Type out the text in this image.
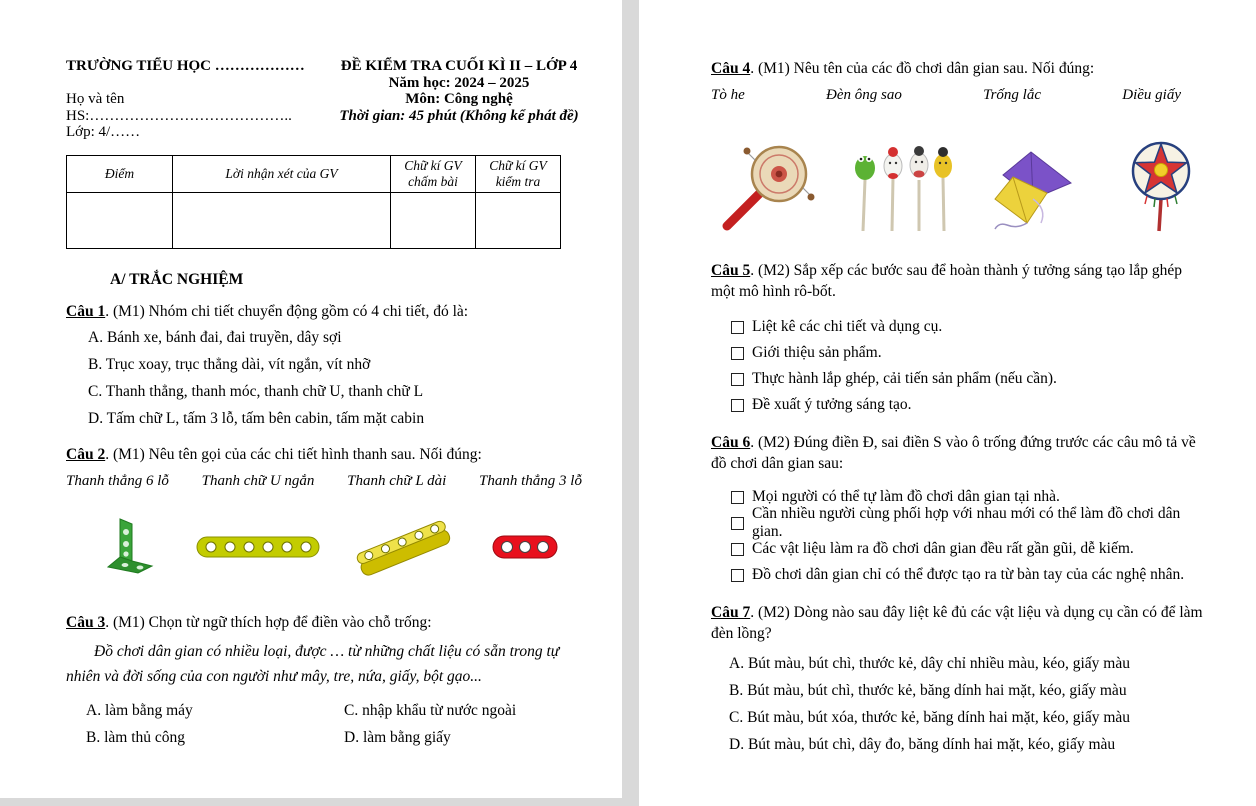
TRƯỜNG TIỂU HỌC ………………

Họ và tên HS:…………………………………..
Lớp: 4/……
ĐỀ KIỂM TRA CUỐI KÌ II – LỚP 4
Năm học: 2024 – 2025
Môn: Công nghệ
Thời gian: 45 phút (Không kể phát đề)
Điểm	Lời nhận xét của GV	Chữ kí GV chấm bài	Chữ kí GV kiểm tra

A/ TRẮC NGHIỆM
Câu 1. (M1) Nhóm chi tiết chuyển động gồm có 4 chi tiết, đó là:
A. Bánh xe, bánh đai, đai truyền, dây sợi
B. Trục xoay, trục thẳng dài, vít ngắn, vít nhỡ
C. Thanh thẳng, thanh móc, thanh chữ U, thanh chữ L
D. Tấm chữ L, tấm 3 lỗ, tấm bên cabin, tấm mặt cabin
Câu 2. (M1) Nêu tên gọi của các chi tiết hình thanh sau. Nối đúng:
Thanh thẳng 6 lỗ Thanh chữ U ngắn Thanh chữ L dài Thanh thẳng 3 lỗ
Câu 3. (M1) Chọn từ ngữ thích hợp để điền vào chỗ trống:
Đồ chơi dân gian có nhiều loại, được … từ những chất liệu có sẵn trong tự nhiên và đời sống của con người như mây, tre, nứa, giấy, bột gạo...
A. làm bằng máy	C. nhập khẩu từ nước ngoài
B. làm thủ công	D. làm bằng giấy
Câu 4. (M1) Nêu tên của các đồ chơi dân gian sau. Nối đúng:
Tò he	Đèn ông sao	Trống lắc	Diều giấy
Câu 5. (M2) Sắp xếp các bước sau để hoàn thành ý tưởng sáng tạo lắp ghép một mô hình rô-bốt.
Liệt kê các chi tiết và dụng cụ.
Giới thiệu sản phẩm.
Thực hành lắp ghép, cải tiến sản phẩm (nếu cần).
Đề xuất ý tưởng sáng tạo.
Câu 6. (M2) Đúng điền Đ, sai điền S vào ô trống đứng trước các câu mô tả về đồ chơi dân gian sau:
Mọi người có thể tự làm đồ chơi dân gian tại nhà.
Cần nhiều người cùng phối hợp với nhau mới có thể làm đồ chơi dân gian.
Các vật liệu làm ra đồ chơi dân gian đều rất gần gũi, dễ kiếm.
Đồ chơi dân gian chỉ có thể được tạo ra từ bàn tay của các nghệ nhân.
Câu 7. (M2) Dòng nào sau đây liệt kê đủ các vật liệu và dụng cụ cần có để làm đèn lồng?
A. Bút màu, bút chì, thước kẻ, dây chỉ nhiều màu, kéo, giấy màu
B. Bút màu, bút chì, thước kẻ, băng dính hai mặt, kéo, giấy màu
C. Bút màu, bút xóa, thước kẻ, băng dính hai mặt, kéo, giấy màu
D. Bút màu, bút chì, dây đo, băng dính hai mặt, kéo, giấy màu
